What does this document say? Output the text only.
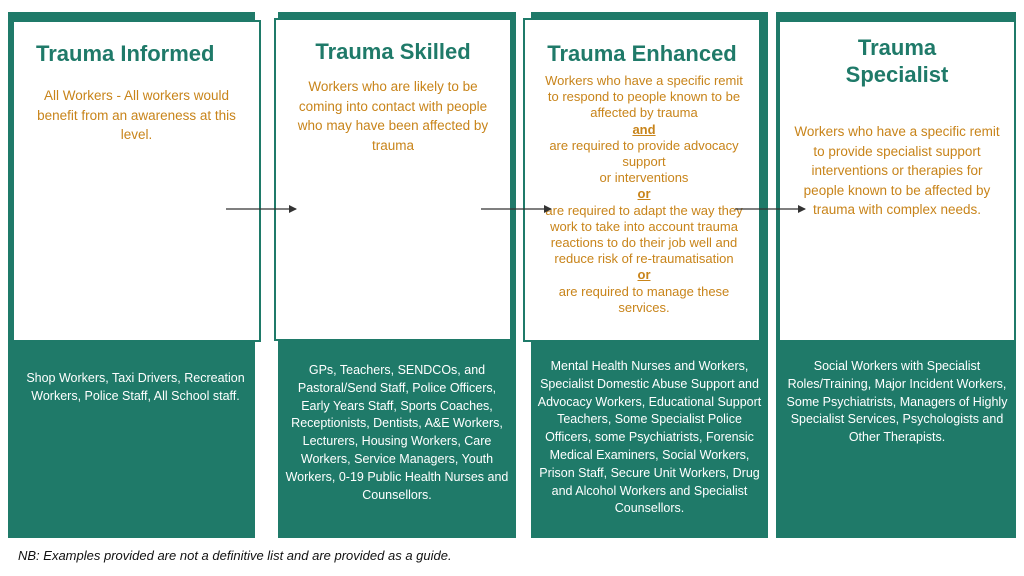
Trauma Informed
All Workers - All workers would benefit from an awareness at this level.
Shop Workers, Taxi Drivers, Recreation Workers, Police Staff, All School staff.
Trauma Skilled
Workers who are likely to be coming into contact with people who may have been affected by trauma
GPs, Teachers, SENDCOs, and Pastoral/Send Staff, Police Officers, Early Years Staff, Sports Coaches, Receptionists, Dentists, A&E Workers, Lecturers, Housing Workers, Care Workers, Service Managers, Youth Workers, 0-19 Public Health Nurses and Counsellors.
Trauma Enhanced
Workers who have a specific remit to respond to people known to be affected by trauma
and
are required to provide advocacy support
or interventions
or
are required to adapt the way they work to take into account trauma reactions to do their job well and reduce risk of re-traumatisation
or
are required to manage these services.
Mental Health Nurses and Workers, Specialist Domestic Abuse Support and Advocacy Workers, Educational Support Teachers, Some Specialist Police Officers, some Psychiatrists, Forensic Medical Examiners, Social Workers, Prison Staff, Secure Unit Workers, Drug and Alcohol Workers and Specialist Counsellors.
Trauma Specialist
Workers who have a specific remit to provide specialist support interventions or therapies for people known to be affected by trauma with complex needs.
Social Workers with Specialist Roles/Training, Major Incident Workers, Some Psychiatrists, Managers of Highly Specialist Services, Psychologists and Other Therapists.
NB: Examples provided are not a definitive list and are provided as a guide.
